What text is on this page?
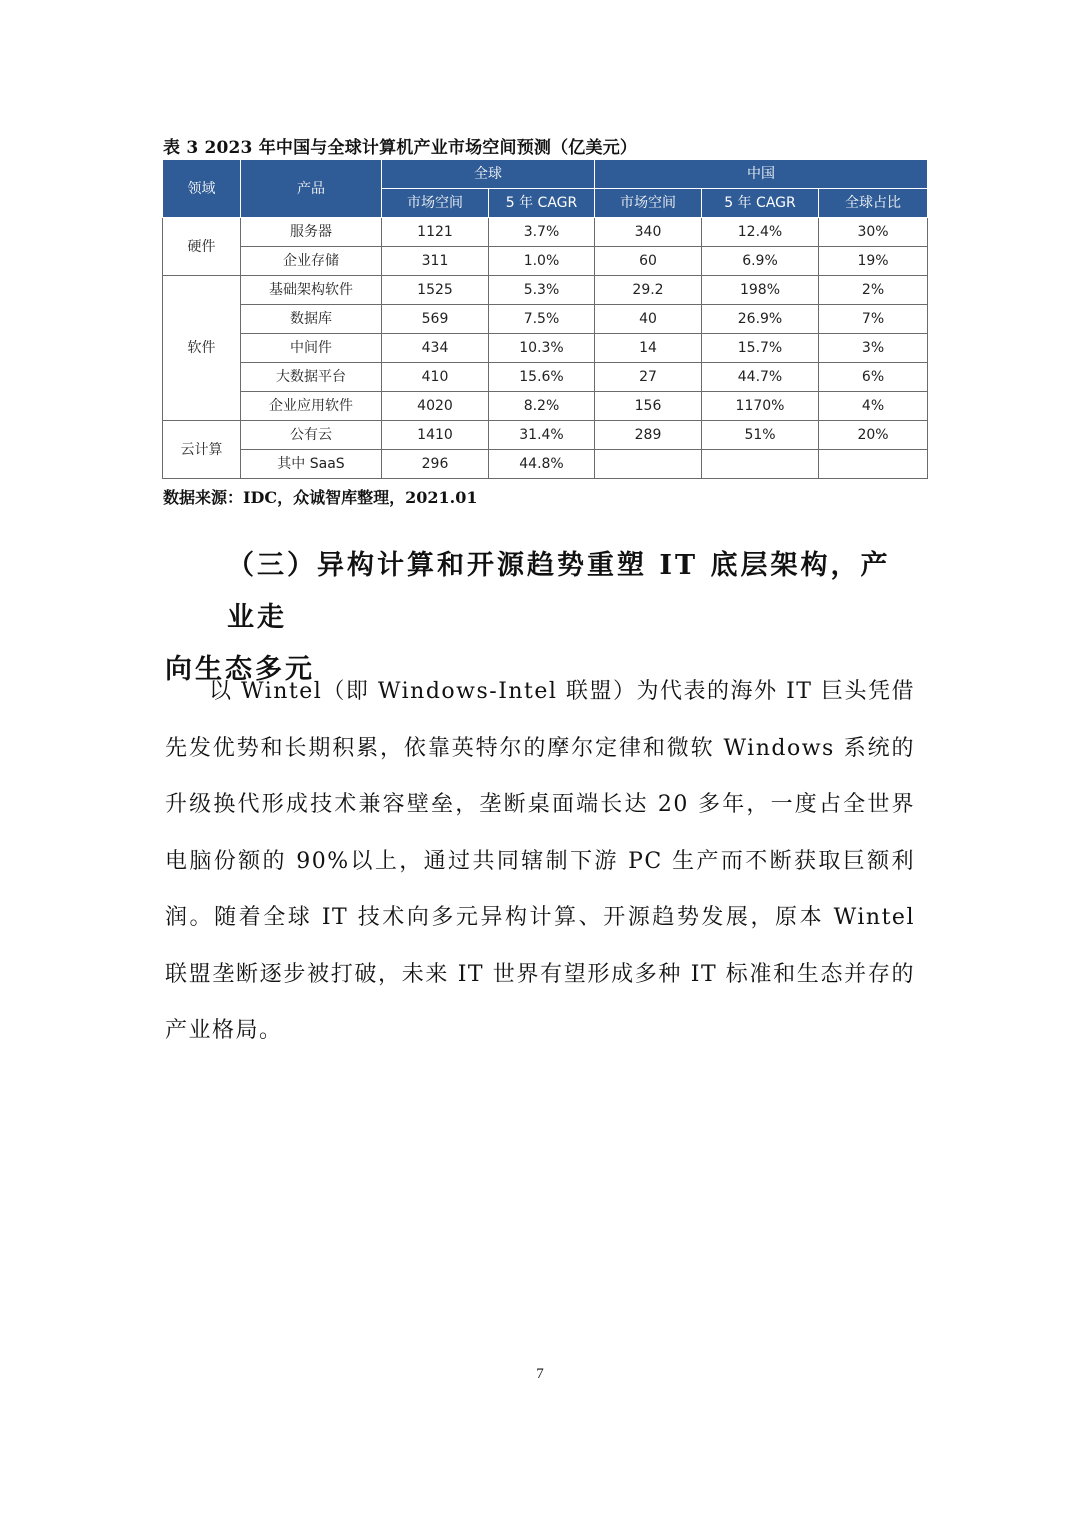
表 3 2023 年中国与全球计算机产业市场空间预测（亿美元）
领域	产品	全球		中国		
		市场空间	5 年 CAGR	市场空间	5 年 CAGR	全球占比
硬件	服务器	1121	3.7%	340	12.4%	30%
	企业存储	311	1.0%	60	6.9%	19%
软件	基础架构软件	1525	5.3%	29.2	198%	2%
	数据库	569	7.5%	40	26.9%	7%
	中间件	434	10.3%	14	15.7%	3%
	大数据平台	410	15.6%	27	44.7%	6%
	企业应用软件	4020	8.2%	156	1170%	4%
云计算	公有云	1410	31.4%	289	51%	20%
	其中 SaaS	296	44.8%			
数据来源：IDC，众诚智库整理，2021.01
（三）异构计算和开源趋势重塑 IT 底层架构，产业走
向生态多元
以 Wintel（即 Windows-Intel 联盟）为代表的海外 IT 巨头凭借先发优势和长期积累，依靠英特尔的摩尔定律和微软 Windows 系统的升级换代形成技术兼容壁垒，垄断桌面端长达 20 多年，一度占全世界电脑份额的 90%以上，通过共同辖制下游 PC 生产而不断获取巨额利润。随着全球 IT 技术向多元异构计算、开源趋势发展，原本 Wintel 联盟垄断逐步被打破，未来 IT 世界有望形成多种 IT 标准和生态并存的产业格局。
7
